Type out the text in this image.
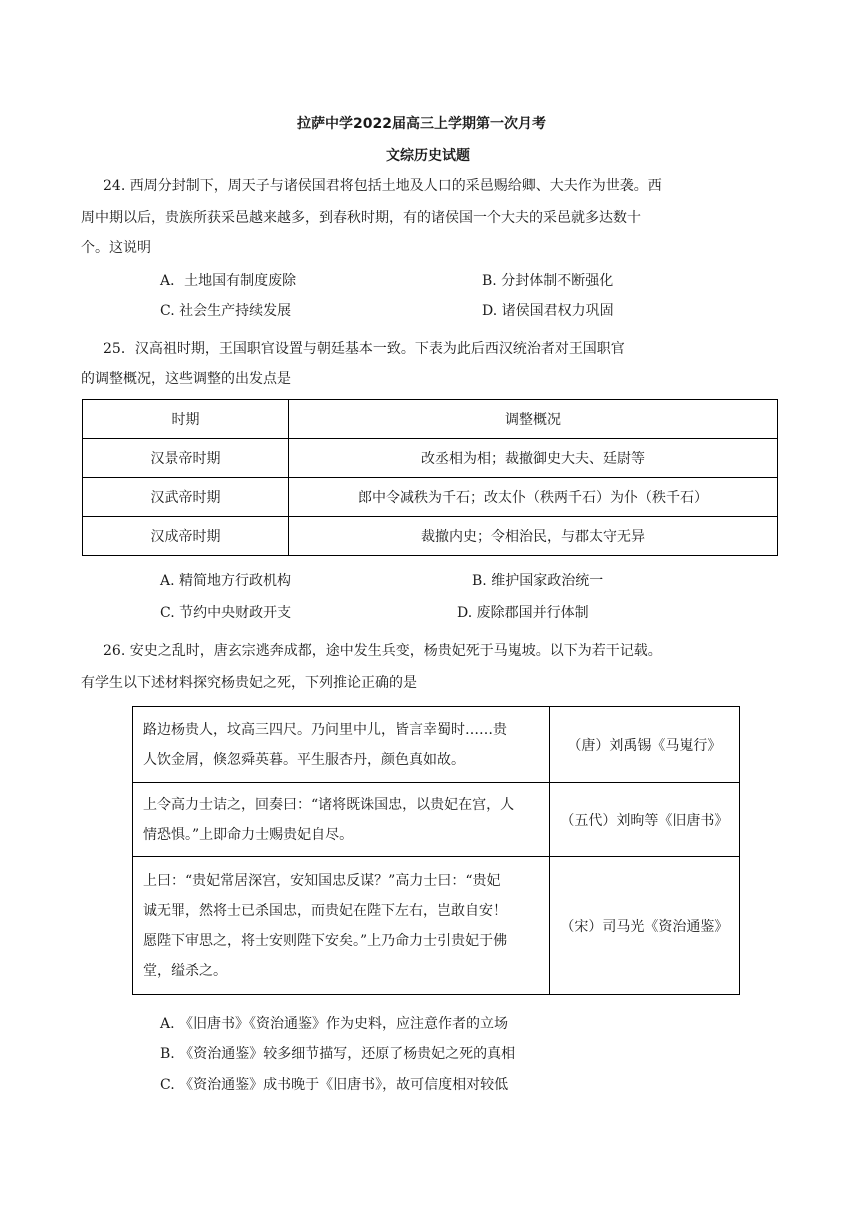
拉萨中学2022届高三上学期第一次月考
文综历史试题
24. 西周分封制下，周天子与诸侯国君将包括土地及人口的采邑赐给卿、大夫作为世袭。西
周中期以后，贵族所获采邑越来越多，到春秋时期，有的诸侯国一个大夫的采邑就多达数十
个。这说明
A．土地国有制度废除	B. 分封体制不断强化
C. 社会生产持续发展	D. 诸侯国君权力巩固
25．汉高祖时期，王国职官设置与朝廷基本一致。下表为此后西汉统治者对王国职官
的调整概况，这些调整的出发点是
时期	调整概况
汉景帝时期	改丞相为相；裁撤御史大夫、廷尉等
汉武帝时期	郎中令减秩为千石；改太仆（秩两千石）为仆（秩千石）
汉成帝时期	裁撤内史；令相治民，与郡太守无异
A. 精简地方行政机构	B. 维护国家政治统一
C. 节约中央财政开支	D. 废除郡国并行体制
26. 安史之乱时，唐玄宗逃奔成都，途中发生兵变，杨贵妃死于马嵬坡。以下为若干记载。
有学生以下述材料探究杨贵妃之死，下列推论正确的是
路边杨贵人，坟高三四尺。乃问里中儿，皆言幸蜀时……贵
人饮金屑，倏忽舜英暮。平生服杏丹，颜色真如故。	（唐）刘禹锡《马嵬行》

上令高力士诘之，回奏曰：“诸将既诛国忠，以贵妃在宫，人
情恐惧。”上即命力士赐贵妃自尽。	（五代）刘昫等《旧唐书》

上曰：“贵妃常居深宫，安知国忠反谋？”高力士曰：“贵妃
诚无罪，然将士已杀国忠，而贵妃在陛下左右，岂敢自安！
愿陛下审思之，将士安则陛下安矣。”上乃命力士引贵妃于佛
堂，缢杀之。	（宋）司马光《资治通鉴》
A. 《旧唐书》《资治通鉴》作为史料，应注意作者的立场
B. 《资治通鉴》较多细节描写，还原了杨贵妃之死的真相
C. 《资治通鉴》成书晚于《旧唐书》，故可信度相对较低
